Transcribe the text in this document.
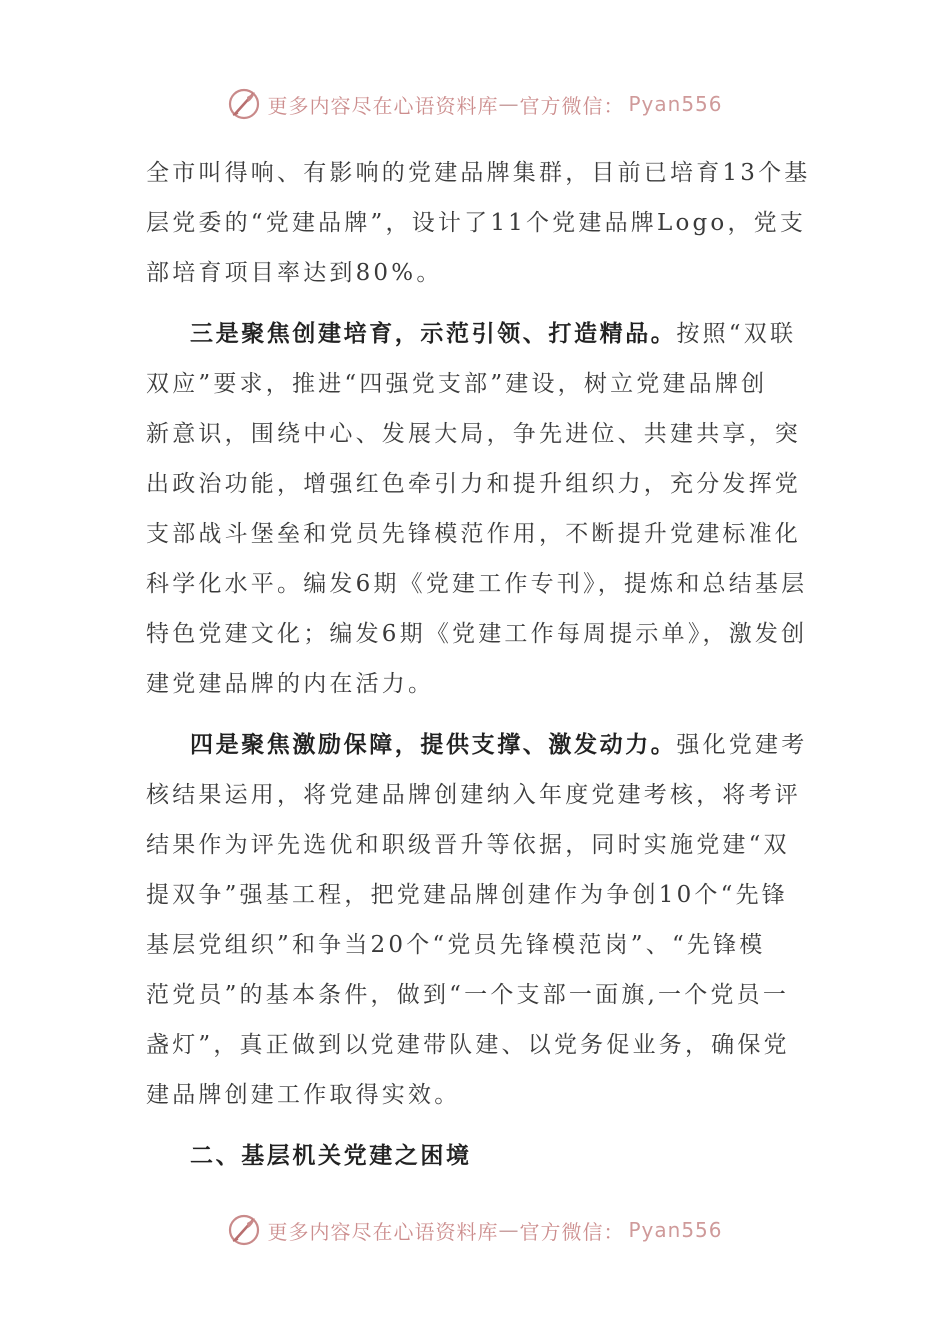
更多内容尽在心语资料库 — 官方微信： Pyan556
全市叫得响、有影响的党建品牌集群，目前已培育13个基
层党委的“党建品牌”，设计了11个党建品牌Logo，党支
部培育项目率达到80%。
三是聚焦创建培育，示范引领、打造精品。按照“双联
双应”要求，推进“四强党支部”建设，树立党建品牌创
新意识，围绕中心、发展大局，争先进位、共建共享，突
出政治功能，增强红色牵引力和提升组织力，充分发挥党
支部战斗堡垒和党员先锋模范作用，不断提升党建标准化
科学化水平。编发6期《党建工作专刊》，提炼和总结基层
特色党建文化；编发6期《党建工作每周提示单》，激发创
建党建品牌的内在活力。
四是聚焦激励保障，提供支撑、激发动力。强化党建考
核结果运用，将党建品牌创建纳入年度党建考核，将考评
结果作为评先选优和职级晋升等依据，同时实施党建“双
提双争”强基工程，把党建品牌创建作为争创10个“先锋
基层党组织”和争当20个“党员先锋模范岗”、“先锋模
范党员”的基本条件，做到“一个支部一面旗,一个党员一
盏灯”，真正做到以党建带队建、以党务促业务，确保党
建品牌创建工作取得实效。
二、基层机关党建之困境
更多内容尽在心语资料库 — 官方微信： Pyan556
